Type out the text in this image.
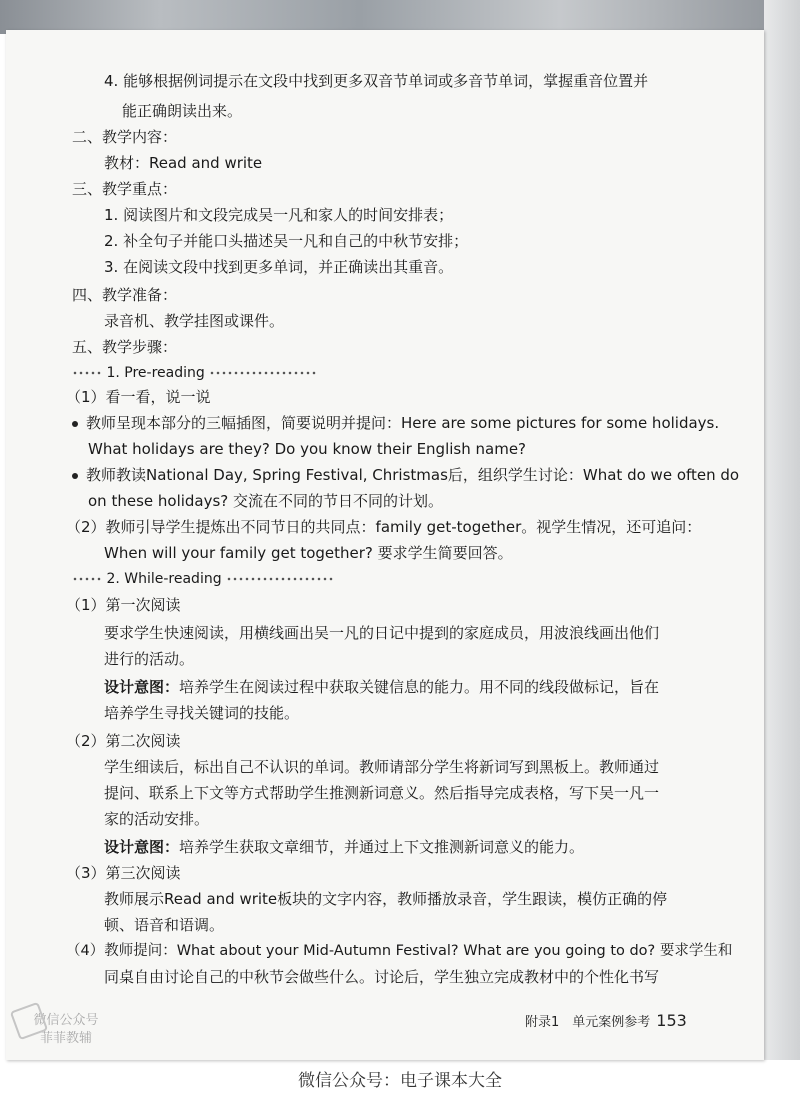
4. 能够根据例词提示在文段中找到更多双音节单词或多音节单词，掌握重音位置并
能正确朗读出来。
二、教学内容：
教材：Read and write
三、教学重点：
1. 阅读图片和文段完成吴一凡和家人的时间安排表；
2. 补全句子并能口头描述吴一凡和自己的中秋节安排；
3. 在阅读文段中找到更多单词，并正确读出其重音。
四、教学准备：
录音机、教学挂图或课件。
五、教学步骤：
1. Pre-reading
（1）看一看，说一说
教师呈现本部分的三幅插图，简要说明并提问：Here are some pictures for some holidays.
What holidays are they? Do you know their English name?
教师教读National Day, Spring Festival, Christmas后，组织学生讨论：What do we often do
on these holidays? 交流在不同的节日不同的计划。
（2）教师引导学生提炼出不同节日的共同点：family get-together。视学生情况，还可追问：
When will your family get together? 要求学生简要回答。
2. While-reading
（1）第一次阅读
要求学生快速阅读，用横线画出吴一凡的日记中提到的家庭成员，用波浪线画出他们
进行的活动。
设计意图：培养学生在阅读过程中获取关键信息的能力。用不同的线段做标记，旨在
培养学生寻找关键词的技能。
（2）第二次阅读
学生细读后，标出自己不认识的单词。教师请部分学生将新词写到黑板上。教师通过
提问、联系上下文等方式帮助学生推测新词意义。然后指导完成表格，写下吴一凡一
家的活动安排。
设计意图：培养学生获取文章细节，并通过上下文推测新词意义的能力。
（3）第三次阅读
教师展示Read and write板块的文字内容，教师播放录音，学生跟读，模仿正确的停
顿、语音和语调。
（4）教师提问：What about your Mid-Autumn Festival? What are you going to do? 要求学生和
同桌自由讨论自己的中秋节会做些什么。讨论后，学生独立完成教材中的个性化书写
微信公众号
菲菲教辅
附录1　单元案例参考 153
微信公众号：电子课本大全
